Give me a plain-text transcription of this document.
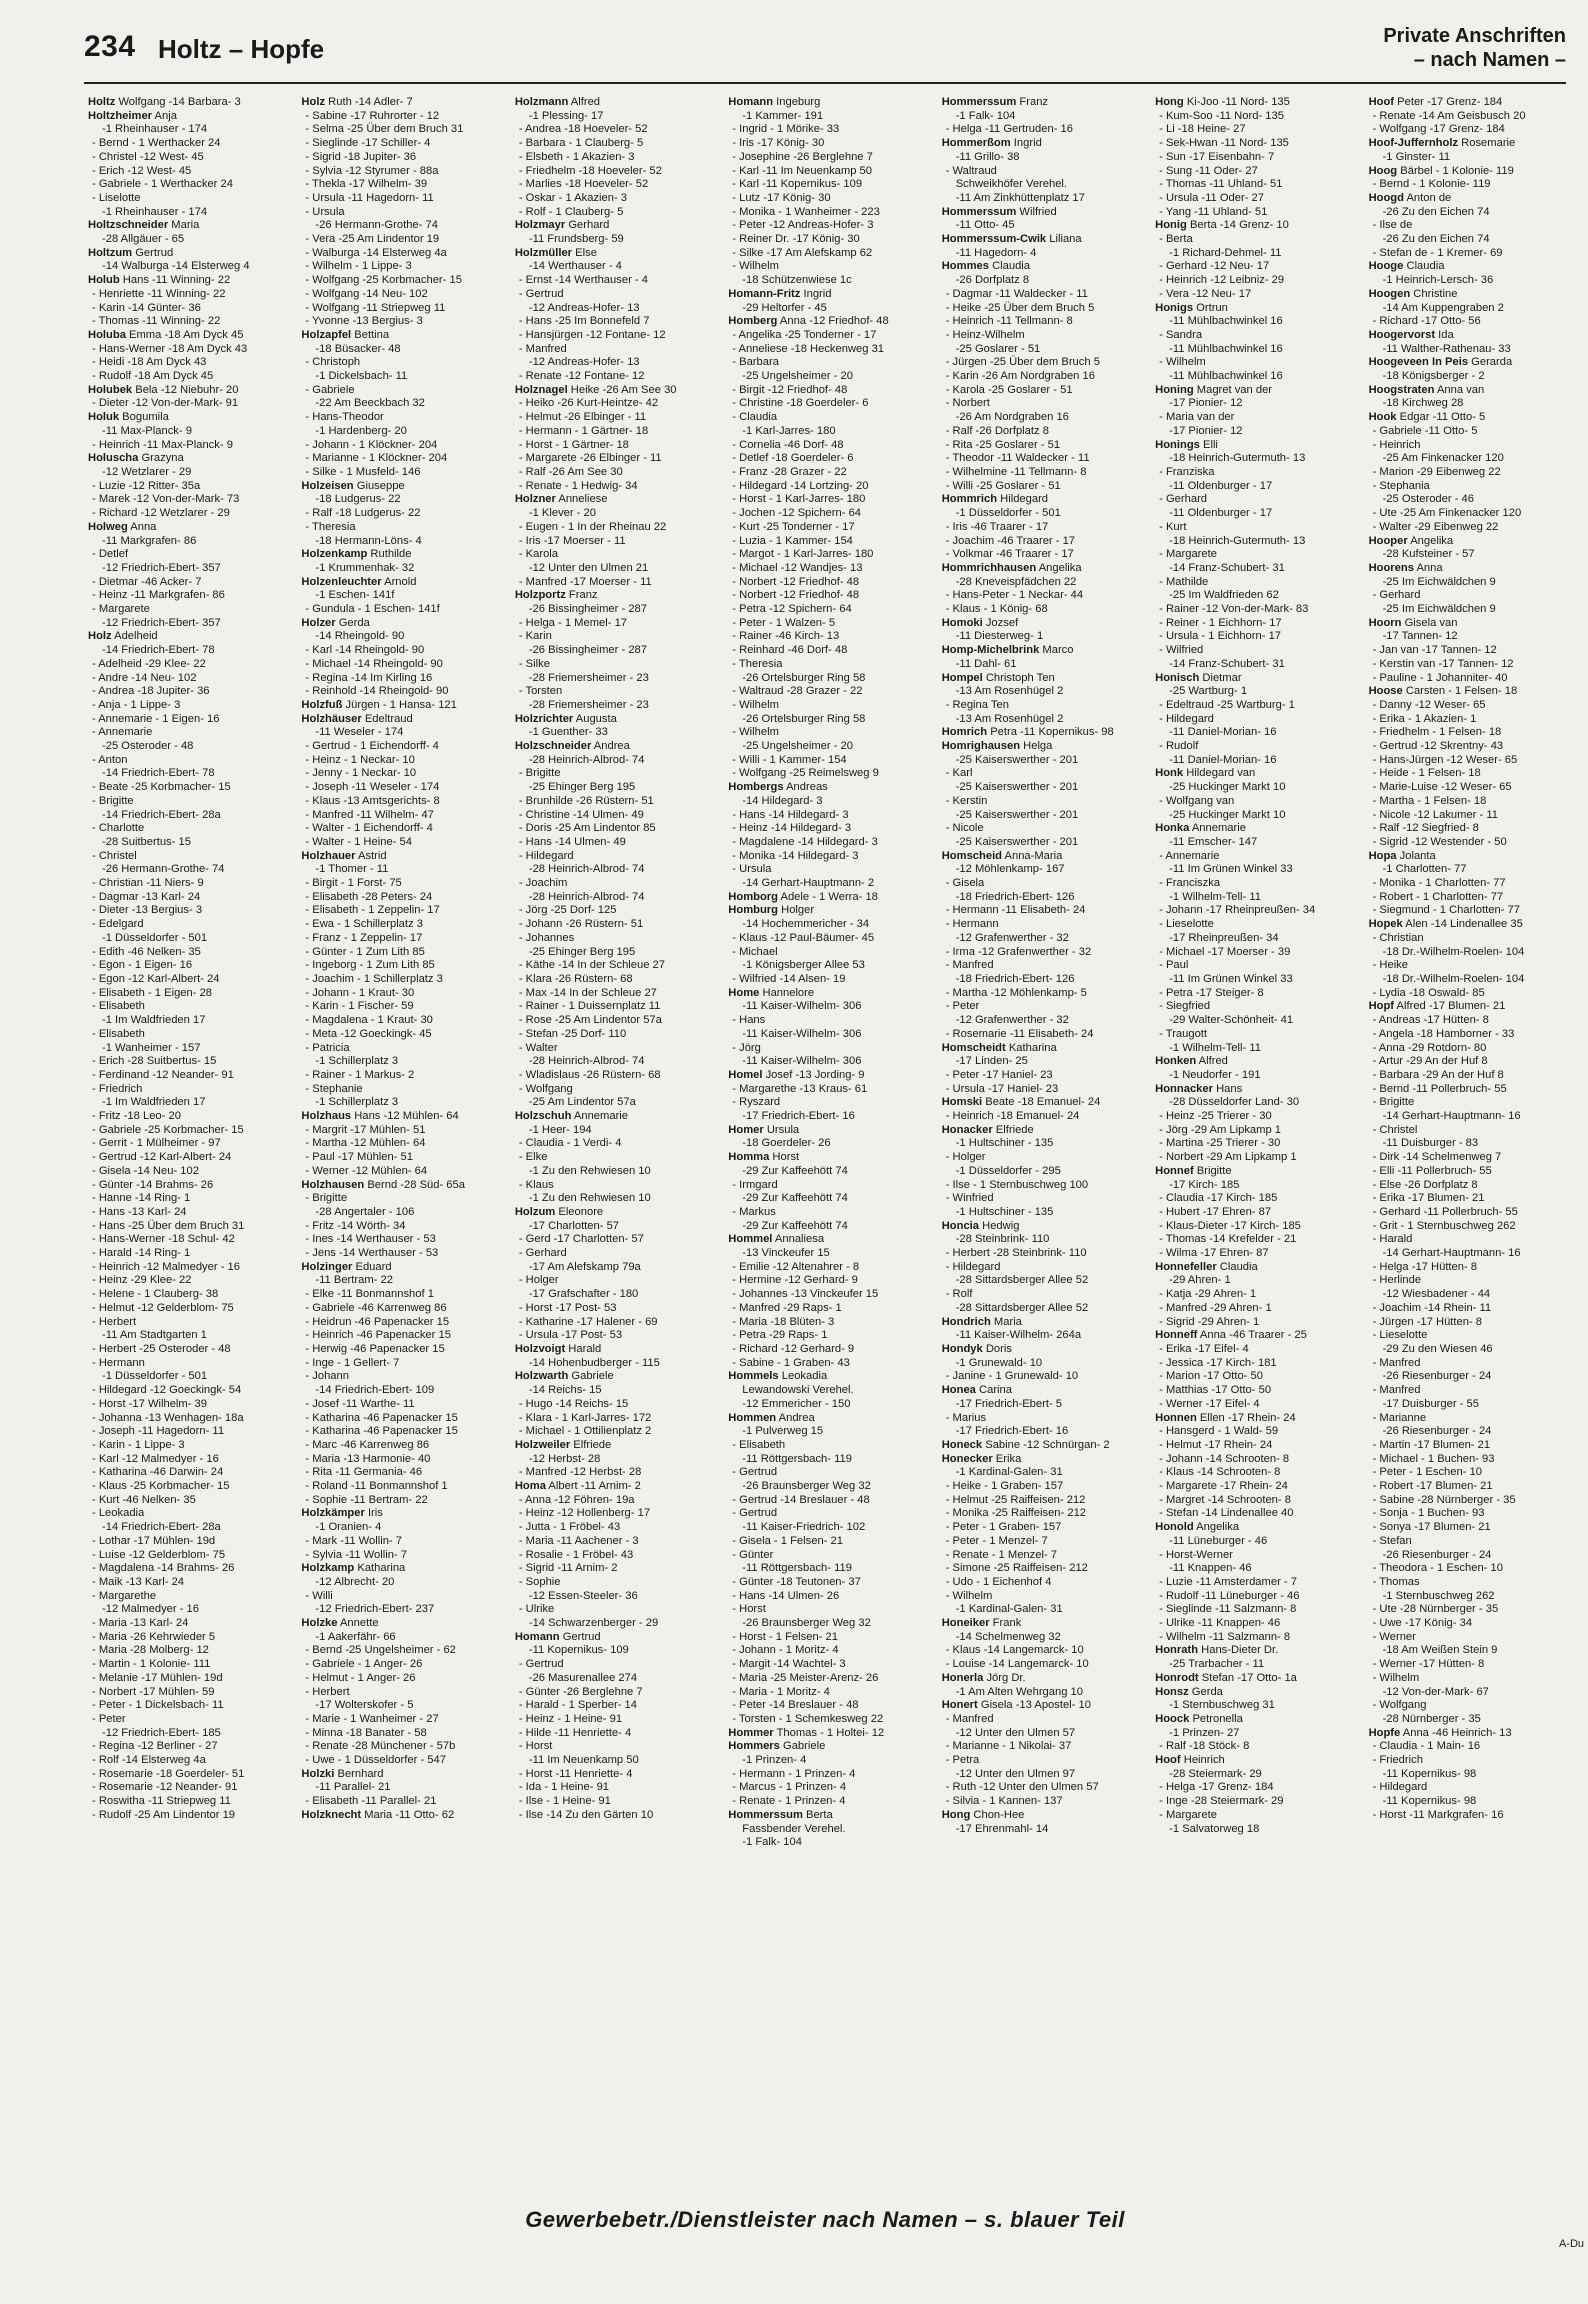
234 Holtz – Hopfe	Private Anschriften
– nach Namen –
Holtz Wolfgang -14 Barbara- 3
Holtzheimer Anja
-1 Rheinhauser - 174
- Bernd - 1 Werthacker 24
- Christel -12 West- 45
- Erich -12 West- 45
- Gabriele - 1 Werthacker 24
- Liselotte
-1 Rheinhauser - 174
Holtzschneider Maria
-28 Allgäuer - 65
Holtzum Gertrud
-14 Walburga -14 Elsterweg 4
Holub Hans -11 Winning- 22
- Henriette -11 Winning- 22
- Karin -14 Günter- 36
- Thomas -11 Winning- 22
Holuba Emma -18 Am Dyck 45
- Hans-Werner -18 Am Dyck 43
- Heidi -18 Am Dyck 43
- Rudolf -18 Am Dyck 45
Holubek Bela -12 Niebuhr- 20
- Dieter -12 Von-der-Mark- 91
Holuk Bogumila
-11 Max-Planck- 9
- Heinrich -11 Max-Planck- 9
Holuscha Grazyna
-12 Wetzlarer - 29
- Luzie -12 Ritter- 35a
- Marek -12 Von-der-Mark- 73
- Richard -12 Wetzlarer - 29
Holweg Anna
-11 Markgrafen- 86
- Detlef
-12 Friedrich-Ebert- 357
- Dietmar -46 Acker- 7
- Heinz -11 Markgrafen- 86
- Margarete
-12 Friedrich-Ebert- 357
Holz Adelheid
-14 Friedrich-Ebert- 78
- Adelheid -29 Klee- 22
- Andre -14 Neu- 102
- Andrea -18 Jupiter- 36
- Anja - 1 Lippe- 3
- Annemarie - 1 Eigen- 16
- Annemarie
-25 Osteroder - 48
- Anton
-14 Friedrich-Ebert- 78
- Beate -25 Korbmacher- 15
- Brigitte
-14 Friedrich-Ebert- 28a
- Charlotte
-28 Suitbertus- 15
- Christel
-26 Hermann-Grothe- 74
- Christian -11 Niers- 9
- Dagmar -13 Karl- 24
- Dieter -13 Bergius- 3
- Edelgard
-1 Düsseldorfer - 501
- Edith -46 Nelken- 35
- Egon - 1 Eigen- 16
- Egon -12 Karl-Albert- 24
- Elisabeth - 1 Eigen- 28
- Elisabeth
-1 Im Waldfrieden 17
- Elisabeth
-1 Wanheimer - 157
- Erich -28 Suitbertus- 15
- Ferdinand -12 Neander- 91
- Friedrich
-1 Im Waldfrieden 17
- Fritz -18 Leo- 20
- Gabriele -25 Korbmacher- 15
- Gerrit - 1 Mülheimer - 97
- Gertrud -12 Karl-Albert- 24
- Gisela -14 Neu- 102
- Günter -14 Brahms- 26
- Hanne -14 Ring- 1
- Hans -13 Karl- 24
- Hans -25 Über dem Bruch 31
- Hans-Werner -18 Schul- 42
- Harald -14 Ring- 1
- Heinrich -12 Malmedyer - 16
- Heinz -29 Klee- 22
- Helene - 1 Clauberg- 38
- Helmut -12 Gelderblom- 75
- Herbert
-11 Am Stadtgarten 1
- Herbert -25 Osteroder - 48
- Hermann
-1 Düsseldorfer - 501
- Hildegard -12 Goeckingk- 54
- Horst -17 Wilhelm- 39
- Johanna -13 Wenhagen- 18a
- Joseph -11 Hagedorn- 11
- Karin - 1 Lippe- 3
- Karl -12 Malmedyer - 16
- Katharina -46 Darwin- 24
- Klaus -25 Korbmacher- 15
- Kurt -46 Nelken- 35
- Leokadia
-14 Friedrich-Ebert- 28a
- Lothar -17 Mühlen- 19d
- Luise -12 Gelderblom- 75
- Magdalena -14 Brahms- 26
- Maik -13 Karl- 24
- Margarethe
-12 Malmedyer - 16
- Maria -13 Karl- 24
- Maria -26 Kehrwieder 5
- Maria -28 Molberg- 12
- Martin - 1 Kolonie- 111
- Melanie -17 Mühlen- 19d
- Norbert -17 Mühlen- 59
- Peter - 1 Dickelsbach- 11
- Peter
-12 Friedrich-Ebert- 185
- Regina -12 Berliner - 27
- Rolf -14 Elsterweg 4a
- Rosemarie -18 Goerdeler- 51
- Rosemarie -12 Neander- 91
- Roswitha -11 Striepweg 11
- Rudolf -25 Am Lindentor 19
Holz Ruth -14 Adler- 7
- Sabine -17 Ruhrorter - 12
- Selma -25 Über dem Bruch 31
- Sieglinde -17 Schiller- 4
- Sigrid -18 Jupiter- 36
- Sylvia -12 Styrumer - 88a
- Thekla -17 Wilhelm- 39
- Ursula -11 Hagedorn- 11
- Ursula
-26 Hermann-Grothe- 74
- Vera -25 Am Lindentor 19
- Walburga -14 Elsterweg 4a
- Wilhelm - 1 Lippe- 3
- Wolfgang -25 Korbmacher- 15
- Wolfgang -14 Neu- 102
- Wolfgang -11 Striepweg 11
- Yvonne -13 Bergius- 3
Holzapfel Bettina
-18 Büsacker- 48
- Christoph
-1 Dickelsbach- 11
- Gabriele
-22 Am Beeckbach 32
- Hans-Theodor
-1 Hardenberg- 20
- Johann - 1 Klöckner- 204
- Marianne - 1 Klöckner- 204
- Silke - 1 Musfeld- 146
Holzeisen Giuseppe
-18 Ludgerus- 22
- Ralf -18 Ludgerus- 22
- Theresia
-18 Hermann-Löns- 4
Holzenkamp Ruthilde
-1 Krummenhak- 32
Holzenleuchter Arnold
-1 Eschen- 141f
- Gundula - 1 Eschen- 141f
Holzer Gerda
-14 Rheingold- 90
- Karl -14 Rheingold- 90
- Michael -14 Rheingold- 90
- Regina -14 Im Kirling 16
- Reinhold -14 Rheingold- 90
Holzfuß Jürgen - 1 Hansa- 121
Holzhäuser Edeltraud
-11 Weseler - 174
- Gertrud - 1 Eichendorff- 4
- Heinz - 1 Neckar- 10
- Jenny - 1 Neckar- 10
- Joseph -11 Weseler - 174
- Klaus -13 Amtsgerichts- 8
- Manfred -11 Wilhelm- 47
- Walter - 1 Eichendorff- 4
- Walter - 1 Heine- 54
Holzhauer Astrid
-1 Thomer - 11
- Birgit - 1 Forst- 75
- Elisabeth -28 Peters- 24
- Elisabeth - 1 Zeppelin- 17
- Ewa - 1 Schillerplatz 3
- Franz - 1 Zeppelin- 17
- Günter - 1 Zum Lith 85
- Ingeborg - 1 Zum Lith 85
- Joachim - 1 Schillerplatz 3
- Johann - 1 Kraut- 30
- Karin - 1 Fischer- 59
- Magdalena - 1 Kraut- 30
- Meta -12 Goeckingk- 45
- Patricia
-1 Schillerplatz 3
- Rainer - 1 Markus- 2
- Stephanie
-1 Schillerplatz 3
Holzhaus Hans -12 Mühlen- 64
- Margrit -17 Mühlen- 51
- Martha -12 Mühlen- 64
- Paul -17 Mühlen- 51
- Werner -12 Mühlen- 64
Holzhausen Bernd -28 Süd- 65a
- Brigitte
-28 Angertaler - 106
- Fritz -14 Wörth- 34
- Ines -14 Werthauser - 53
- Jens -14 Werthauser - 53
Holzinger Eduard
-11 Bertram- 22
- Elke -11 Bonmannshof 1
- Gabriele -46 Karrenweg 86
- Heidrun -46 Papenacker 15
- Heinrich -46 Papenacker 15
- Herwig -46 Papenacker 15
- Inge - 1 Gellert- 7
- Johann
-14 Friedrich-Ebert- 109
- Josef -11 Warthe- 11
- Katharina -46 Papenacker 15
- Katharina -46 Papenacker 15
- Marc -46 Karrenweg 86
- Maria -13 Harmonie- 40
- Rita -11 Germania- 46
- Roland -11 Bonmannshof 1
- Sophie -11 Bertram- 22
Holzkämper Iris
-1 Oranien- 4
- Mark -11 Wollin- 7
- Sylvia -11 Wollin- 7
Holzkamp Katharina
-12 Albrecht- 20
- Willi
-12 Friedrich-Ebert- 237
Holzke Annette
-1 Aakerfähr- 66
- Bernd -25 Ungelsheimer - 62
- Gabriele - 1 Anger- 26
- Helmut - 1 Anger- 26
- Herbert
-17 Wolterskofer - 5
- Marie - 1 Wanheimer - 27
- Minna -18 Banater - 58
- Renate -28 Münchener - 57b
- Uwe - 1 Düsseldorfer - 547
Holzki Bernhard
-11 Parallel- 21
- Elisabeth -11 Parallel- 21
Holzknecht Maria -11 Otto- 62
Holzmann Alfred
-1 Plessing- 17
- Andrea -18 Hoeveler- 52
- Barbara - 1 Clauberg- 5
- Elsbeth - 1 Akazien- 3
- Friedhelm -18 Hoeveler- 52
- Marlies -18 Hoeveler- 52
- Oskar - 1 Akazien- 3
- Rolf - 1 Clauberg- 5
Holzmayr Gerhard
-11 Frundsberg- 59
Holzmüller Else
-14 Werthauser - 4
- Ernst -14 Werthauser - 4
- Gertrud
-12 Andreas-Hofer- 13
- Hans -25 Im Bonnefeld 7
- Hansjürgen -12 Fontane- 12
- Manfred
-12 Andreas-Hofer- 13
- Renate -12 Fontane- 12
Holznagel Heike -26 Am See 30
- Heiko -26 Kurt-Heintze- 42
- Helmut -26 Elbinger - 11
- Hermann - 1 Gärtner- 18
- Horst - 1 Gärtner- 18
- Margarete -26 Elbinger - 11
- Ralf -26 Am See 30
- Renate - 1 Hedwig- 34
Holzner Anneliese
-1 Klever - 20
- Eugen - 1 In der Rheinau 22
- Iris -17 Moerser - 11
- Karola
-12 Unter den Ulmen 21
- Manfred -17 Moerser - 11
Holzportz Franz
-26 Bissingheimer - 287
- Helga - 1 Memel- 17
- Karin
-26 Bissingheimer - 287
- Silke
-28 Friemersheimer - 23
- Torsten
-28 Friemersheimer - 23
Holzrichter Augusta
-1 Guenther- 33
Holzschneider Andrea
-28 Heinrich-Albrod- 74
- Brigitte
-25 Ehinger Berg 195
- Brunhilde -26 Rüstern- 51
- Christine -14 Ulmen- 49
- Doris -25 Am Lindentor 85
- Hans -14 Ulmen- 49
- Hildegard
-28 Heinrich-Albrod- 74
- Joachim
-28 Heinrich-Albrod- 74
- Jörg -25 Dorf- 125
- Johann -26 Rüstern- 51
- Johannes
-25 Ehinger Berg 195
- Käthe -14 In der Schleue 27
- Klara -26 Rüstern- 68
- Max -14 In der Schleue 27
- Rainer - 1 Duissernplatz 11
- Rose -25 Am Lindentor 57a
- Stefan -25 Dorf- 110
- Walter
-28 Heinrich-Albrod- 74
- Wladislaus -26 Rüstern- 68
- Wolfgang
-25 Am Lindentor 57a
Holzschuh Annemarie
-1 Heer- 194
- Claudia - 1 Verdi- 4
- Elke
-1 Zu den Rehwiesen 10
- Klaus
-1 Zu den Rehwiesen 10
Holzum Eleonore
-17 Charlotten- 57
- Gerd -17 Charlotten- 57
- Gerhard
-17 Am Alefskamp 79a
- Holger
-17 Grafschafter - 180
- Horst -17 Post- 53
- Katharine -17 Halener - 69
- Ursula -17 Post- 53
Holzvoigt Harald
-14 Hohenbudberger - 115
Holzwarth Gabriele
-14 Reichs- 15
- Hugo -14 Reichs- 15
- Klara - 1 Karl-Jarres- 172
- Michael - 1 Ottilienplatz 2
Holzweiler Elfriede
-12 Herbst- 28
- Manfred -12 Herbst- 28
Homa Albert -11 Arnim- 2
- Anna -12 Föhren- 19a
- Heinz -12 Hollenberg- 17
- Jutta - 1 Fröbel- 43
- Maria -11 Aachener - 3
- Rosalie - 1 Fröbel- 43
- Sigrid -11 Arnim- 2
- Sophie
-12 Essen-Steeler- 36
- Ulrike
-14 Schwarzenberger - 29
Homann Gertrud
-11 Kopernikus- 109
- Gertrud
-26 Masurenallee 274
- Günter -26 Berglehne 7
- Harald - 1 Sperber- 14
- Heinz - 1 Heine- 91
- Hilde -11 Henriette- 4
- Horst
-11 Im Neuenkamp 50
- Horst -11 Henriette- 4
- Ida - 1 Heine- 91
- Ilse - 1 Heine- 91
- Ilse -14 Zu den Gärten 10
Homann Ingeburg
-1 Kammer- 191
- Ingrid - 1 Mörike- 33
- Iris -17 König- 30
- Josephine -26 Berglehne 7
- Karl -11 Im Neuenkamp 50
- Karl -11 Kopernikus- 109
- Lutz -17 König- 30
- Monika - 1 Wanheimer - 223
- Peter -12 Andreas-Hofer- 3
- Reiner Dr. -17 König- 30
- Silke -17 Am Alefskamp 62
- Wilhelm
-18 Schützenwiese 1c
Homann-Fritz Ingrid
-29 Heltorfer - 45
Homberg Anna -12 Friedhof- 48
- Angelika -25 Tonderner - 17
- Anneliese -18 Heckenweg 31
- Barbara
-25 Ungelsheimer - 20
- Birgit -12 Friedhof- 48
- Christine -18 Goerdeler- 6
- Claudia
-1 Karl-Jarres- 180
- Cornelia -46 Dorf- 48
- Detlef -18 Goerdeler- 6
- Franz -28 Grazer - 22
- Hildegard -14 Lortzing- 20
- Horst - 1 Karl-Jarres- 180
- Jochen -12 Spichern- 64
- Kurt -25 Tonderner - 17
- Luzia - 1 Kammer- 154
- Margot - 1 Karl-Jarres- 180
- Michael -12 Wandjes- 13
- Norbert -12 Friedhof- 48
- Norbert -12 Friedhof- 48
- Petra -12 Spichern- 64
- Peter - 1 Walzen- 5
- Rainer -46 Kirch- 13
- Reinhard -46 Dorf- 48
- Theresia
-26 Ortelsburger Ring 58
- Waltraud -28 Grazer - 22
- Wilhelm
-26 Ortelsburger Ring 58
- Wilhelm
-25 Ungelsheimer - 20
- Willi - 1 Kammer- 154
- Wolfgang -25 Reimelsweg 9
Hombergs Andreas
-14 Hildegard- 3
- Hans -14 Hildegard- 3
- Heinz -14 Hildegard- 3
- Magdalene -14 Hildegard- 3
- Monika -14 Hildegard- 3
- Ursula
-14 Gerhart-Hauptmann- 2
Homborg Adele - 1 Werra- 18
Homburg Holger
-14 Hochemmericher - 34
- Klaus -12 Paul-Bäumer- 45
- Michael
-1 Königsberger Allee 53
- Wilfried -14 Alsen- 19
Home Hannelore
-11 Kaiser-Wilhelm- 306
- Hans
-11 Kaiser-Wilhelm- 306
- Jörg
-11 Kaiser-Wilhelm- 306
Homel Josef -13 Jording- 9
- Margarethe -13 Kraus- 61
- Ryszard
-17 Friedrich-Ebert- 16
Homer Ursula
-18 Goerdeler- 26
Homma Horst
-29 Zur Kaffeehött 74
- Irmgard
-29 Zur Kaffeehött 74
- Markus
-29 Zur Kaffeehött 74
Hommel Annaliesa
-13 Vinckeufer 15
- Emilie -12 Altenahrer - 8
- Hermine -12 Gerhard- 9
- Johannes -13 Vinckeufer 15
- Manfred -29 Raps- 1
- Maria -18 Blüten- 3
- Petra -29 Raps- 1
- Richard -12 Gerhard- 9
- Sabine - 1 Graben- 43
Hommels Leokadia
Lewandowski Verehel.
-12 Emmericher - 150
Hommen Andrea
-1 Pulverweg 15
- Elisabeth
-11 Röttgersbach- 119
- Gertrud
-26 Braunsberger Weg 32
- Gertrud -14 Breslauer - 48
- Gertrud
-11 Kaiser-Friedrich- 102
- Gisela - 1 Felsen- 21
- Günter
-11 Röttgersbach- 119
- Günter -18 Teutonen- 37
- Hans -14 Ulmen- 26
- Horst
-26 Braunsberger Weg 32
- Horst - 1 Felsen- 21
- Johann - 1 Moritz- 4
- Margit -14 Wachtel- 3
- Maria -25 Meister-Arenz- 26
- Maria - 1 Moritz- 4
- Peter -14 Breslauer - 48
- Torsten - 1 Schemkesweg 22
Hommer Thomas - 1 Holtei- 12
Hommers Gabriele
-1 Prinzen- 4
- Hermann - 1 Prinzen- 4
- Marcus - 1 Prinzen- 4
- Renate - 1 Prinzen- 4
Hommerssum Berta
Fassbender Verehel.
-1 Falk- 104
Hommerssum Franz
-1 Falk- 104
- Helga -11 Gertruden- 16
Hommerßom Ingrid
-11 Grillo- 38
- Waltraud
Schweikhöfer Verehel.
-11 Am Zinkhüttenplatz 17
Hommerssum Wilfried
-11 Otto- 45
Hommerssum-Cwik Liliana
-11 Hagedorn- 4
Hommes Claudia
-26 Dorfplatz 8
- Dagmar -11 Waldecker - 11
- Heike -25 Über dem Bruch 5
- Heinrich -11 Tellmann- 8
- Heinz-Wilhelm
-25 Goslarer - 51
- Jürgen -25 Über dem Bruch 5
- Karin -26 Am Nordgraben 16
- Karola -25 Goslarer - 51
- Norbert
-26 Am Nordgraben 16
- Ralf -26 Dorfplatz 8
- Rita -25 Goslarer - 51
- Theodor -11 Waldecker - 11
- Wilhelmine -11 Tellmann- 8
- Willi -25 Goslarer - 51
Hommrich Hildegard
-1 Düsseldorfer - 501
- Iris -46 Traarer - 17
- Joachim -46 Traarer - 17
- Volkmar -46 Traarer - 17
Hommrichhausen Angelika
-28 Kneveispfädchen 22
- Hans-Peter - 1 Neckar- 44
- Klaus - 1 König- 68
Homoki Jozsef
-11 Diesterweg- 1
Homp-Michelbrink Marco
-11 Dahl- 61
Hompel Christoph Ten
-13 Am Rosenhügel 2
- Regina Ten
-13 Am Rosenhügel 2
Homrich Petra -11 Kopernikus- 98
Homrighausen Helga
-25 Kaiserswerther - 201
- Karl
-25 Kaiserswerther - 201
- Kerstin
-25 Kaiserswerther - 201
- Nicole
-25 Kaiserswerther - 201
Homscheid Anna-Maria
-12 Möhlenkamp- 167
- Gisela
-18 Friedrich-Ebert- 126
- Hermann -11 Elisabeth- 24
- Hermann
-12 Grafenwerther - 32
- Irma -12 Grafenwerther - 32
- Manfred
-18 Friedrich-Ebert- 126
- Martha -12 Möhlenkamp- 5
- Peter
-12 Grafenwerther - 32
- Rosemarie -11 Elisabeth- 24
Homscheidt Katharina
-17 Linden- 25
- Peter -17 Haniel- 23
- Ursula -17 Haniel- 23
Homski Beate -18 Emanuel- 24
- Heinrich -18 Emanuel- 24
Honacker Elfriede
-1 Hultschiner - 135
- Holger
-1 Düsseldorfer - 295
- Ilse - 1 Sternbuschweg 100
- Winfried
-1 Hultschiner - 135
Honcia Hedwig
-28 Steinbrink- 110
- Herbert -28 Steinbrink- 110
- Hildegard
-28 Sittardsberger Allee 52
- Rolf
-28 Sittardsberger Allee 52
Hondrich Maria
-11 Kaiser-Wilhelm- 264a
Hondyk Doris
-1 Grunewald- 10
- Janine - 1 Grunewald- 10
Honea Carina
-17 Friedrich-Ebert- 5
- Marius
-17 Friedrich-Ebert- 16
Honeck Sabine -12 Schnürgan- 2
Honecker Erika
-1 Kardinal-Galen- 31
- Heike - 1 Graben- 157
- Helmut -25 Raiffeisen- 212
- Monika -25 Raiffeisen- 212
- Peter - 1 Graben- 157
- Peter - 1 Menzel- 7
- Renate - 1 Menzel- 7
- Simone -25 Raiffeisen- 212
- Udo - 1 Eichenhof 4
- Wilhelm
-1 Kardinal-Galen- 31
Honeiker Frank
-14 Schelmenweg 32
- Klaus -14 Langemarck- 10
- Louise -14 Langemarck- 10
Honerla Jörg Dr.
-1 Am Alten Wehrgang 10
Honert Gisela -13 Apostel- 10
- Manfred
-12 Unter den Ulmen 57
- Marianne - 1 Nikolai- 37
- Petra
-12 Unter den Ulmen 97
- Ruth -12 Unter den Ulmen 57
- Silvia - 1 Kannen- 137
Hong Chon-Hee
-17 Ehrenmahl- 14
Hong Ki-Joo -11 Nord- 135
- Kum-Soo -11 Nord- 135
- Li -18 Heine- 27
- Sek-Hwan -11 Nord- 135
- Sun -17 Eisenbahn- 7
- Sung -11 Oder- 27
- Thomas -11 Uhland- 51
- Ursula -11 Oder- 27
- Yang -11 Uhland- 51
Honig Berta -14 Grenz- 10
- Berta
-1 Richard-Dehmel- 11
- Gerhard -12 Neu- 17
- Heinrich -12 Leibniz- 29
- Vera -12 Neu- 17
Honigs Ortrun
-11 Mühlbachwinkel 16
- Sandra
-11 Mühlbachwinkel 16
- Wilhelm
-11 Mühlbachwinkel 16
Honing Magret van der
-17 Pionier- 12
- Maria van der
-17 Pionier- 12
Honings Elli
-18 Heinrich-Gutermuth- 13
- Franziska
-11 Oldenburger - 17
- Gerhard
-11 Oldenburger - 17
- Kurt
-18 Heinrich-Gutermuth- 13
- Margarete
-14 Franz-Schubert- 31
- Mathilde
-25 Im Waldfrieden 62
- Rainer -12 Von-der-Mark- 83
- Reiner - 1 Eichhorn- 17
- Ursula - 1 Eichhorn- 17
- Wilfried
-14 Franz-Schubert- 31
Honisch Dietmar
-25 Wartburg- 1
- Edeltraud -25 Wartburg- 1
- Hildegard
-11 Daniel-Morian- 16
- Rudolf
-11 Daniel-Morian- 16
Honk Hildegard van
-25 Huckinger Markt 10
- Wolfgang van
-25 Huckinger Markt 10
Honka Annemarie
-11 Emscher- 147
- Annemarie
-11 Im Grünen Winkel 33
- Franciszka
-1 Wilhelm-Tell- 11
- Johann -17 Rheinpreußen- 34
- Lieselotte
-17 Rheinpreußen- 34
- Michael -17 Moerser - 39
- Paul
-11 Im Grünen Winkel 33
- Petra -17 Steiger- 8
- Siegfried
-29 Walter-Schönheit- 41
- Traugott
-1 Wilhelm-Tell- 11
Honken Alfred
-1 Neudorfer - 191
Honnacker Hans
-28 Düsseldorfer Land- 30
- Heinz -25 Trierer - 30
- Jörg -29 Am Lipkamp 1
- Martina -25 Trierer - 30
- Norbert -29 Am Lipkamp 1
Honnef Brigitte
-17 Kirch- 185
- Claudia -17 Kirch- 185
- Hubert -17 Ehren- 87
- Klaus-Dieter -17 Kirch- 185
- Thomas -14 Krefelder - 21
- Wilma -17 Ehren- 87
Honnefeller Claudia
-29 Ahren- 1
- Katja -29 Ahren- 1
- Manfred -29 Ahren- 1
- Sigrid -29 Ahren- 1
Honneff Anna -46 Traarer - 25
- Erika -17 Eifel- 4
- Jessica -17 Kirch- 181
- Marion -17 Otto- 50
- Matthias -17 Otto- 50
- Werner -17 Eifel- 4
Honnen Ellen -17 Rhein- 24
- Hansgerd - 1 Wald- 59
- Helmut -17 Rhein- 24
- Johann -14 Schrooten- 8
- Klaus -14 Schrooten- 8
- Margarete -17 Rhein- 24
- Margret -14 Schrooten- 8
- Stefan -14 Lindenallee 40
Honold Angelika
-11 Lüneburger - 46
- Horst-Werner
-11 Knappen- 46
- Luzie -11 Amsterdamer - 7
- Rudolf -11 Lüneburger - 46
- Sieglinde -11 Salzmann- 8
- Ulrike -11 Knappen- 46
- Wilhelm -11 Salzmann- 8
Honrath Hans-Dieter Dr.
-25 Trarbacher - 11
Honrodt Stefan -17 Otto- 1a
Honsz Gerda
-1 Sternbuschweg 31
Hoock Petronella
-1 Prinzen- 27
- Ralf -18 Stöck- 8
Hoof Heinrich
-28 Steiermark- 29
- Helga -17 Grenz- 184
- Inge -28 Steiermark- 29
- Margarete
-1 Salvatorweg 18
Hoof Peter -17 Grenz- 184
- Renate -14 Am Geisbusch 20
- Wolfgang -17 Grenz- 184
Hoof-Juffernholz Rosemarie
-1 Ginster- 11
Hoog Bärbel - 1 Kolonie- 119
- Bernd - 1 Kolonie- 119
Hoogd Anton de
-26 Zu den Eichen 74
- Ilse de
-26 Zu den Eichen 74
- Stefan de - 1 Kremer- 69
Hooge Claudia
-1 Heinrich-Lersch- 36
Hoogen Christine
-14 Am Kuppengraben 2
- Richard -17 Otto- 56
Hoogervorst Ida
-11 Walther-Rathenau- 33
Hoogeveen In Peis Gerarda
-18 Königsberger - 2
Hoogstraten Anna van
-18 Kirchweg 28
Hook Edgar -11 Otto- 5
- Gabriele -11 Otto- 5
- Heinrich
-25 Am Finkenacker 120
- Marion -29 Eibenweg 22
- Stephania
-25 Osteroder - 46
- Ute -25 Am Finkenacker 120
- Walter -29 Eibenweg 22
Hooper Angelika
-28 Kufsteiner - 57
Hoorens Anna
-25 Im Eichwäldchen 9
- Gerhard
-25 Im Eichwäldchen 9
Hoorn Gisela van
-17 Tannen- 12
- Jan van -17 Tannen- 12
- Kerstin van -17 Tannen- 12
- Pauline - 1 Johanniter- 40
Hoose Carsten - 1 Felsen- 18
- Danny -12 Weser- 65
- Erika - 1 Akazien- 1
- Friedhelm - 1 Felsen- 18
- Gertrud -12 Skrentny- 43
- Hans-Jürgen -12 Weser- 65
- Heide - 1 Felsen- 18
- Marie-Luise -12 Weser- 65
- Martha - 1 Felsen- 18
- Nicole -12 Lakumer - 11
- Ralf -12 Siegfried- 8
- Sigrid -12 Westender - 50
Hopa Jolanta
-1 Charlotten- 77
- Monika - 1 Charlotten- 77
- Robert - 1 Charlotten- 77
- Siegmund - 1 Charlotten- 77
Hopek Alen -14 Lindenallee 35
- Christian
-18 Dr.-Wilhelm-Roelen- 104
- Heike
-18 Dr.-Wilhelm-Roelen- 104
- Lydia -18 Oswald- 85
Hopf Alfred -17 Blumen- 21
- Andreas -17 Hütten- 8
- Angela -18 Hamborner - 33
- Anna -29 Rotdorn- 80
- Artur -29 An der Huf 8
- Barbara -29 An der Huf 8
- Bernd -11 Pollerbruch- 55
- Brigitte
-14 Gerhart-Hauptmann- 16
- Christel
-11 Duisburger - 83
- Dirk -14 Schelmenweg 7
- Elli -11 Pollerbruch- 55
- Else -26 Dorfplatz 8
- Erika -17 Blumen- 21
- Gerhard -11 Pollerbruch- 55
- Grit - 1 Sternbuschweg 262
- Harald
-14 Gerhart-Hauptmann- 16
- Helga -17 Hütten- 8
- Herlinde
-12 Wiesbadener - 44
- Joachim -14 Rhein- 11
- Jürgen -17 Hütten- 8
- Lieselotte
-29 Zu den Wiesen 46
- Manfred
-26 Riesenburger - 24
- Manfred
-17 Duisburger - 55
- Marianne
-26 Riesenburger - 24
- Martin -17 Blumen- 21
- Michael - 1 Buchen- 93
- Peter - 1 Eschen- 10
- Robert -17 Blumen- 21
- Sabine -28 Nürnberger - 35
- Sonja - 1 Buchen- 93
- Sonya -17 Blumen- 21
- Stefan
-26 Riesenburger - 24
- Theodora - 1 Eschen- 10
- Thomas
-1 Sternbuschweg 262
- Ute -28 Nürnberger - 35
- Uwe -17 König- 34
- Werner
-18 Am Weißen Stein 9
- Werner -17 Hütten- 8
- Wilhelm
-12 Von-der-Mark- 67
- Wolfgang
-28 Nürnberger - 35
Hopfe Anna -46 Heinrich- 13
- Claudia - 1 Main- 16
- Friedrich
-11 Kopernikus- 98
- Hildegard
-11 Kopernikus- 98
- Horst -11 Markgrafen- 16
Gewerbebetr./Dienstleister nach Namen – s. blauer Teil
A-Du
